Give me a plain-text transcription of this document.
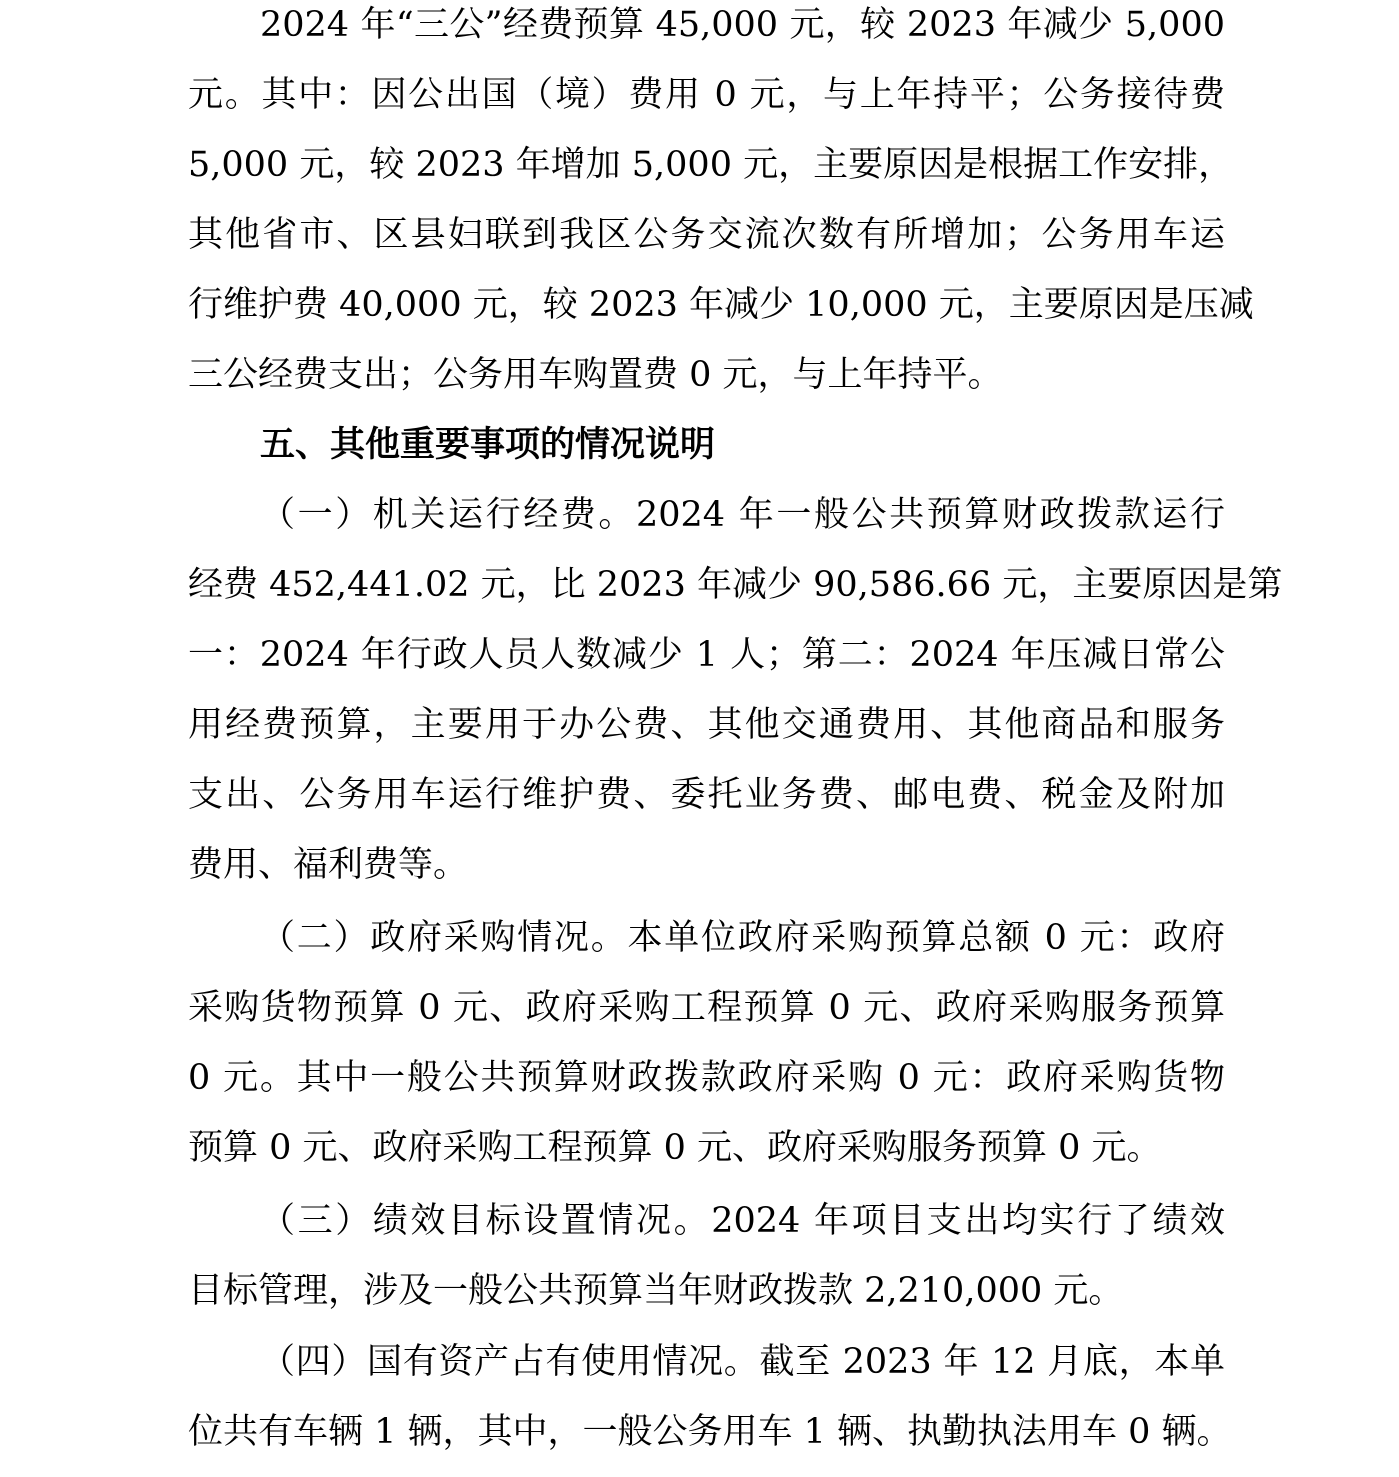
2024 年“三公”经费预算 45,000 元，较 2023 年减少 5,000
元。其中：因公出国（境）费用 0 元，与上年持平；公务接待费
5,000 元，较 2023 年增加 5,000 元，主要原因是根据工作安排，
其他省市、区县妇联到我区公务交流次数有所增加；公务用车运
行维护费 40,000 元，较 2023 年减少 10,000 元，主要原因是压减
三公经费支出；公务用车购置费 0 元，与上年持平。
五、其他重要事项的情况说明
（一）机关运行经费。2024 年一般公共预算财政拨款运行
经费 452,441.02 元，比 2023 年减少 90,586.66 元，主要原因是第
一：2024 年行政人员人数减少 1 人；第二：2024 年压减日常公
用经费预算，主要用于办公费、其他交通费用、其他商品和服务
支出、公务用车运行维护费、委托业务费、邮电费、税金及附加
费用、福利费等。
（二）政府采购情况。本单位政府采购预算总额 0 元：政府
采购货物预算 0 元、政府采购工程预算 0 元、政府采购服务预算
0 元。其中一般公共预算财政拨款政府采购 0 元：政府采购货物
预算 0 元、政府采购工程预算 0 元、政府采购服务预算 0 元。
（三）绩效目标设置情况。2024 年项目支出均实行了绩效
目标管理，涉及一般公共预算当年财政拨款 2,210,000 元。
（四）国有资产占有使用情况。截至 2023 年 12 月底，本单
位共有车辆 1 辆，其中，一般公务用车 1 辆、执勤执法用车 0 辆。
